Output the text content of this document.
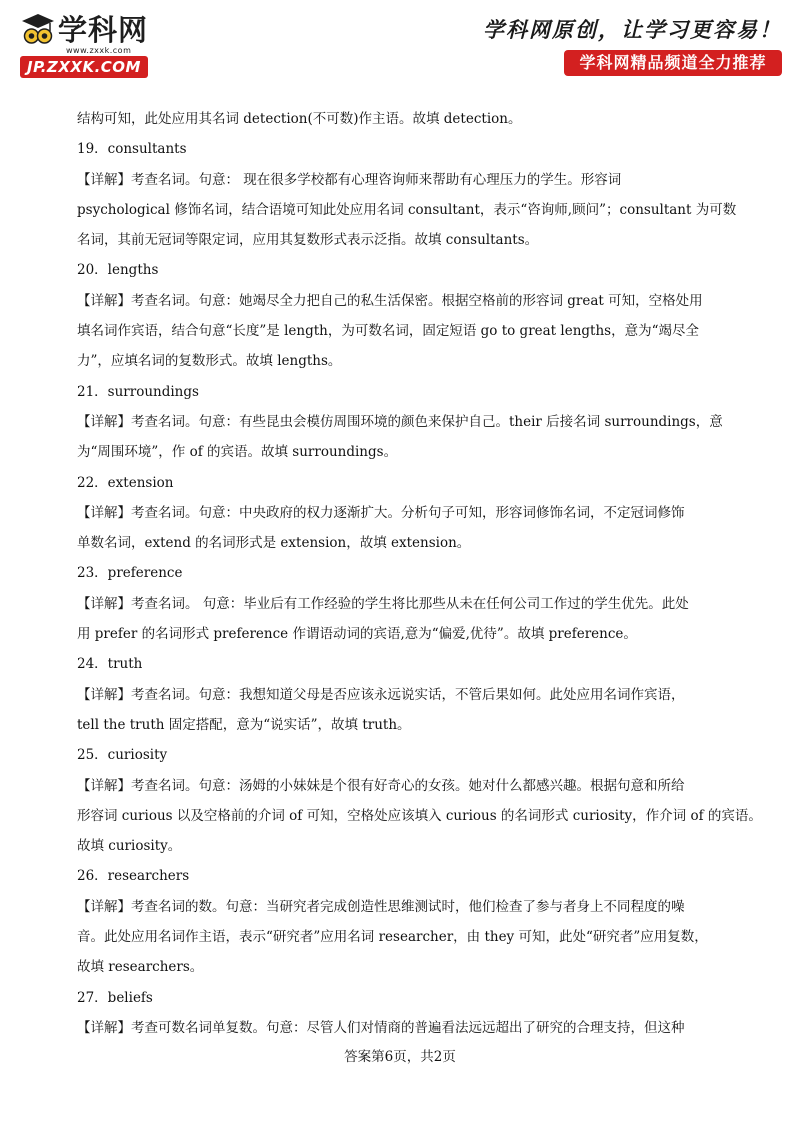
学科网
www.zxxk.com
JP.ZXXK.COM
学科网原创，让学习更容易！
学科网精品频道全力推荐
结构可知，此处应用其名词 detection(不可数)作主语。故填 detection。
19．consultants
【详解】考查名词。句意： 现在很多学校都有心理咨询师来帮助有心理压力的学生。形容词
psychological 修饰名词，结合语境可知此处应用名词 consultant，表示“咨询师,顾问”；consultant 为可数
名词，其前无冠词等限定词，应用其复数形式表示泛指。故填 consultants。
20．lengths
【详解】考查名词。句意：她竭尽全力把自己的私生活保密。根据空格前的形容词 great 可知，空格处用
填名词作宾语，结合句意“长度”是 length，为可数名词，固定短语 go to great lengths，意为“竭尽全
力”，应填名词的复数形式。故填 lengths。
21．surroundings
【详解】考查名词。句意：有些昆虫会模仿周围环境的颜色来保护自己。their 后接名词 surroundings，意
为“周围环境”，作 of 的宾语。故填 surroundings。
22．extension
【详解】考查名词。句意：中央政府的权力逐渐扩大。分析句子可知，形容词修饰名词，不定冠词修饰
单数名词，extend 的名词形式是 extension，故填 extension。
23．preference
【详解】考查名词。 句意：毕业后有工作经验的学生将比那些从未在任何公司工作过的学生优先。此处
用 prefer 的名词形式 preference 作谓语动词的宾语,意为“偏爱,优待”。故填 preference。
24．truth
【详解】考查名词。句意：我想知道父母是否应该永远说实话，不管后果如何。此处应用名词作宾语，
tell the truth 固定搭配，意为“说实话”，故填 truth。
25．curiosity
【详解】考查名词。句意：汤姆的小妹妹是个很有好奇心的女孩。她对什么都感兴趣。根据句意和所给
形容词 curious 以及空格前的介词 of 可知，空格处应该填入 curious 的名词形式 curiosity，作介词 of 的宾语。
故填 curiosity。
26．researchers
【详解】考查名词的数。句意：当研究者完成创造性思维测试时，他们检查了参与者身上不同程度的噪
音。此处应用名词作主语，表示“研究者”应用名词 researcher，由 they 可知，此处“研究者”应用复数，
故填 researchers。
27．beliefs
【详解】考查可数名词单复数。句意：尽管人们对情商的普遍看法远远超出了研究的合理支持，但这种
答案第6页，共2页
